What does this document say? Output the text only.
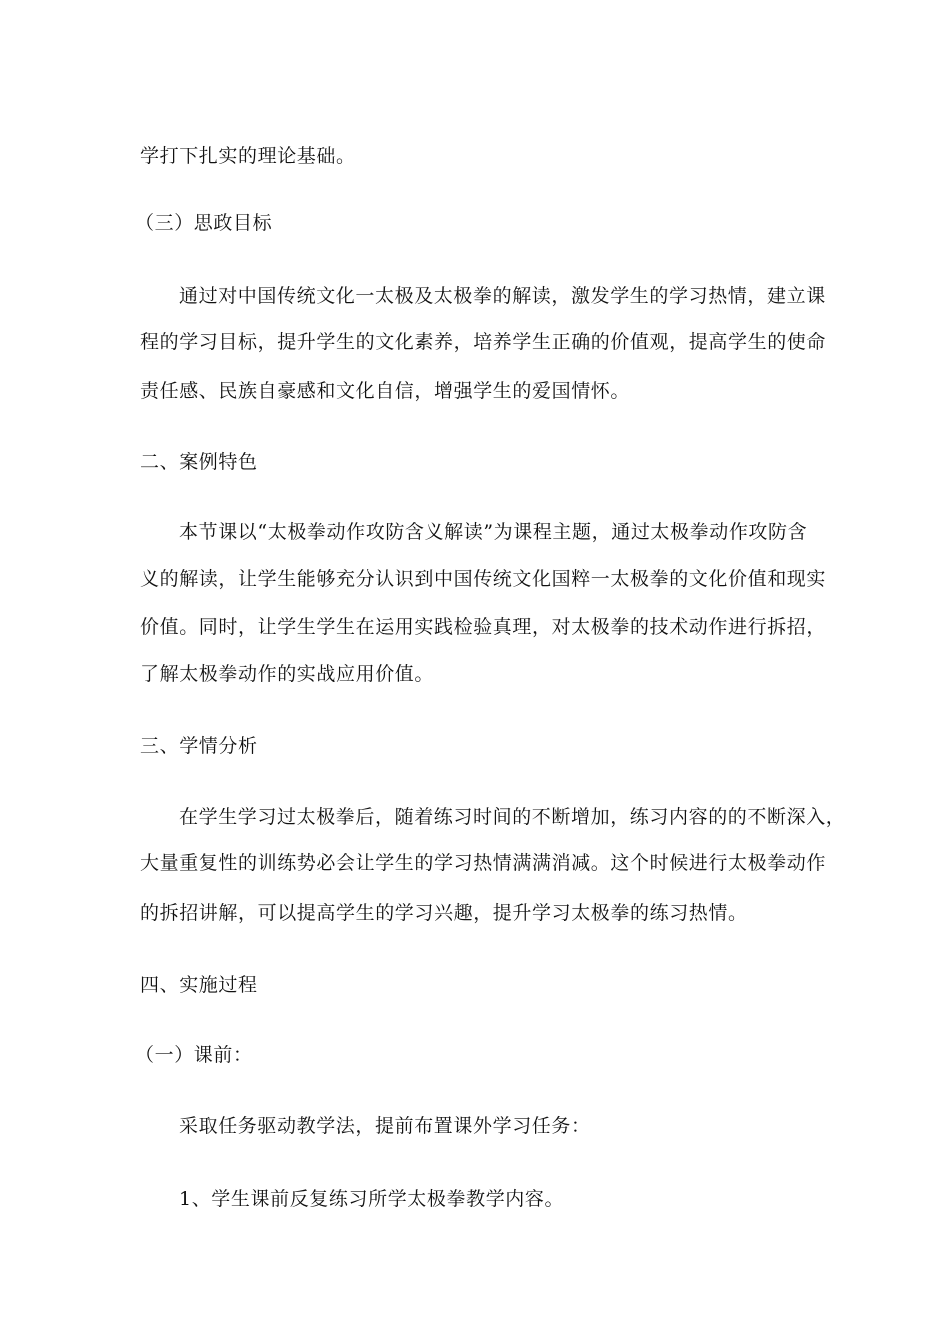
学打下扎实的理论基础。
（三）思政目标
通过对中国传统文化一太极及太极拳的解读，激发学生的学习热情，建立课
程的学习目标，提升学生的文化素养，培养学生正确的价值观，提高学生的使命
责任感、民族自豪感和文化自信，增强学生的爱国情怀。
二、案例特色
本节课以“太极拳动作攻防含义解读”为课程主题，通过太极拳动作攻防含
义的解读，让学生能够充分认识到中国传统文化国粹一太极拳的文化价值和现实
价值。同时，让学生学生在运用实践检验真理，对太极拳的技术动作进行拆招，
了解太极拳动作的实战应用价值。
三、学情分析
在学生学习过太极拳后，随着练习时间的不断增加，练习内容的的不断深入，
大量重复性的训练势必会让学生的学习热情满满消减。这个时候进行太极拳动作
的拆招讲解，可以提高学生的学习兴趣，提升学习太极拳的练习热情。
四、实施过程
（一）课前：
采取任务驱动教学法，提前布置课外学习任务：
1、学生课前反复练习所学太极拳教学内容。
